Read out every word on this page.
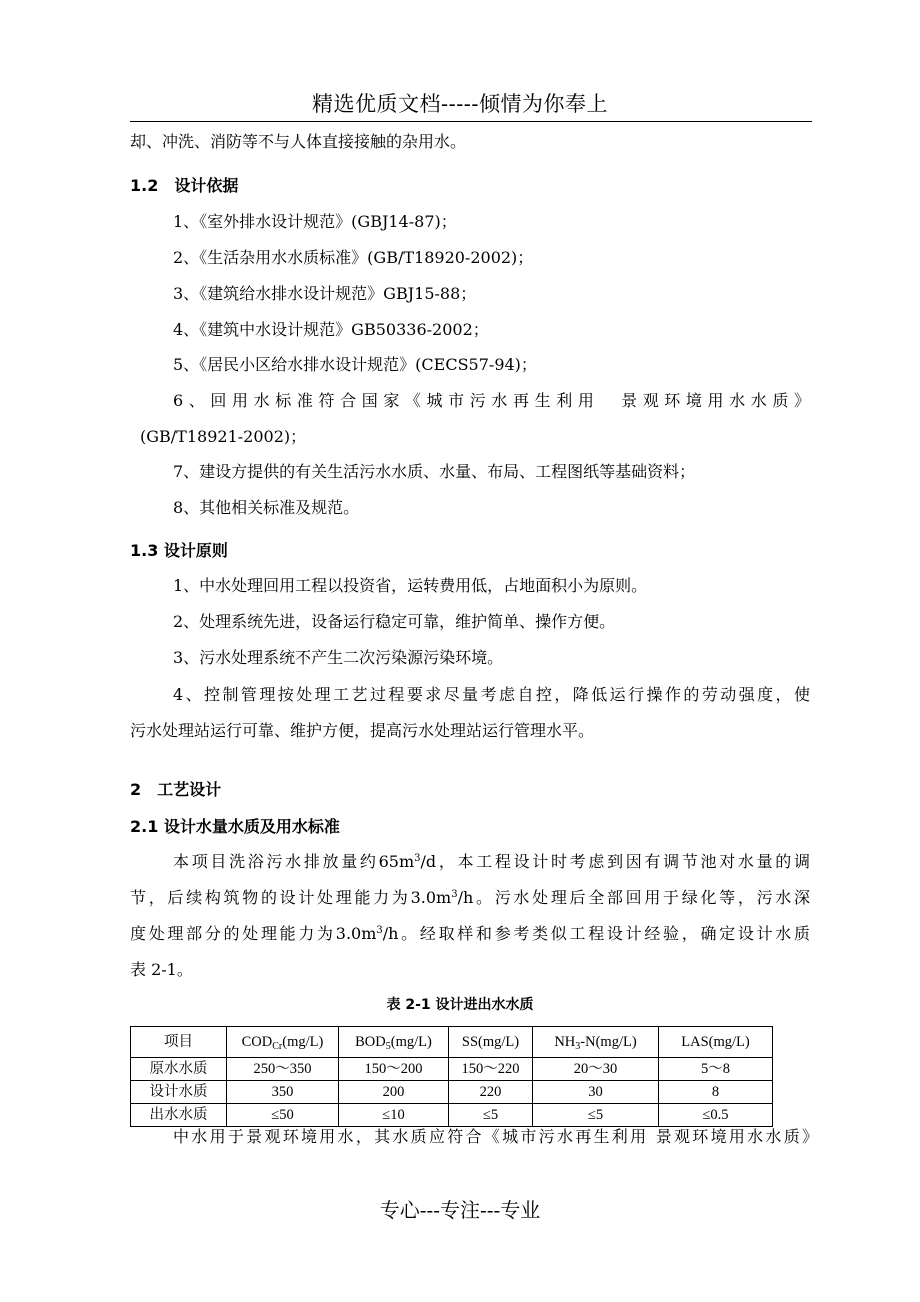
精选优质文档-----倾情为你奉上
却、冲洗、消防等不与人体直接接触的杂用水。
1.2　设计依据
1、《室外排水设计规范》(GBJ14-87)；
2、《生活杂用水水质标准》(GB/T18920-2002)；
3、《建筑给水排水设计规范》GBJ15-88；
4、《建筑中水设计规范》GB50336-2002；
5、《居民小区给水排水设计规范》(CECS57-94)；
6、回用水标准符合国家《城市污水再生利用　景观环境用水水质》
(GB/T18921-2002)；
7、建设方提供的有关生活污水水质、水量、布局、工程图纸等基础资料；
8、其他相关标准及规范。
1.3 设计原则
1、中水处理回用工程以投资省，运转费用低，占地面积小为原则。
2、处理系统先进，设备运行稳定可靠，维护简单、操作方便。
3、污水处理系统不产生二次污染源污染环境。
4、控制管理按处理工艺过程要求尽量考虑自控，降低运行操作的劳动强度，使
污水处理站运行可靠、维护方便，提高污水处理站运行管理水平。
2　工艺设计
2.1 设计水量水质及用水标准
本项目洗浴污水排放量约$65m^3/d$，本工程设计时考虑到因有调节池对水量的调
节，后续构筑物的设计处理能力为$3.0m^3/h$。污水处理后全部回用于绿化等，污水深
度处理部分的处理能力为$3.0m^3/h$。经取样和参考类似工程设计经验，确定设计水质
表 2-1。
表 2-1 设计进出水水质
项目	$COD_{Cr}(mg/L)$	$BOD_5(mg/L)$	SS(mg/L)	$NH_3-N(mg/L)$	LAS(mg/L)
原水水质	250～350	150～200	150～220	20～30	5～8
设计水质	350	200	220	30	8
出水水质	≤50	≤10	≤5	≤5	≤0.5
中水用于景观环境用水，其水质应符合《城市污水再生利用 景观环境用水水质》
专心---专注---专业
